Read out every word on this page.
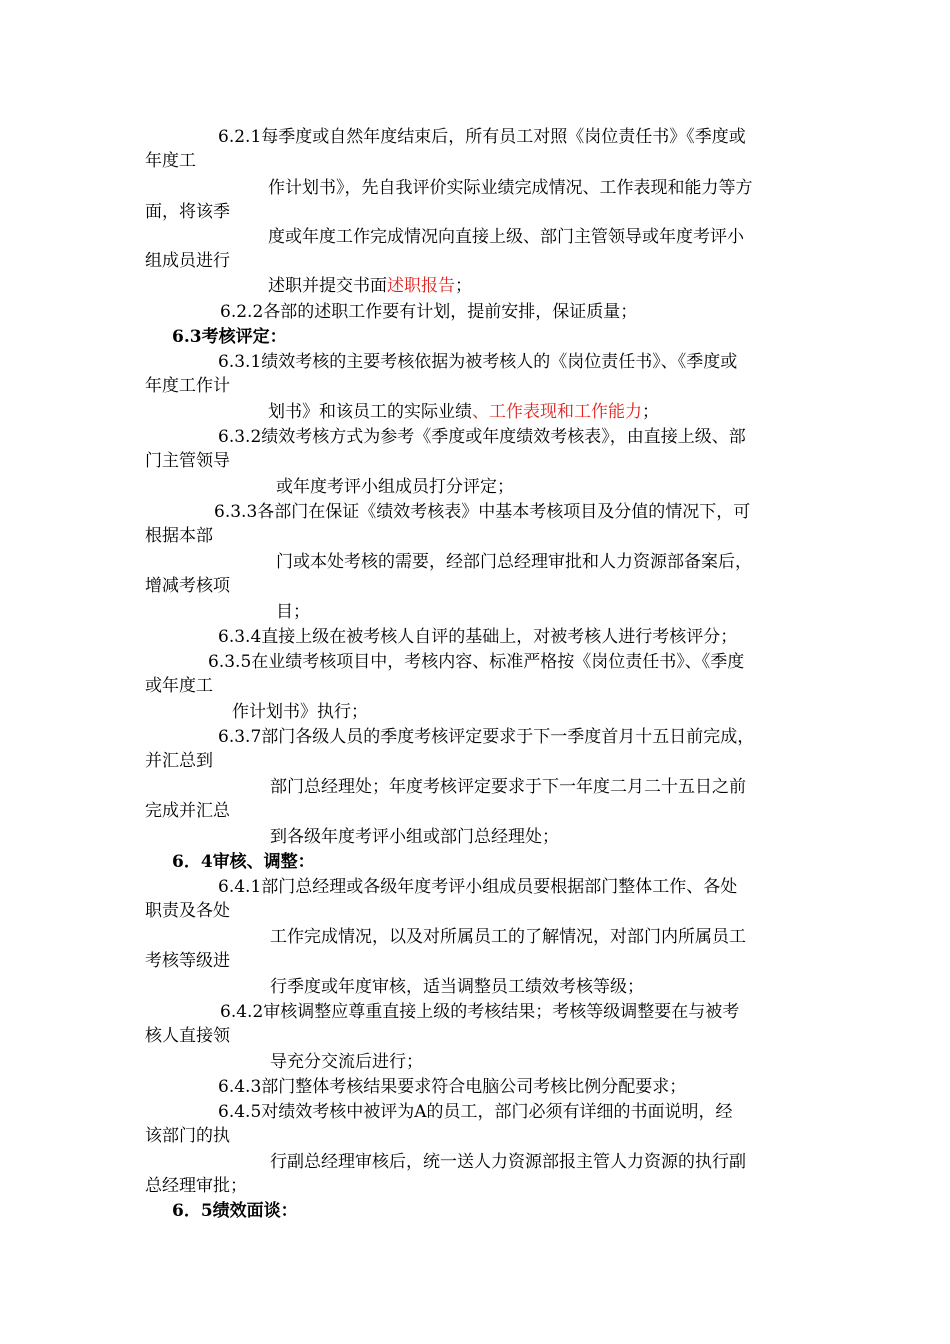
6.2.1每季度或自然年度结束后，所有员工对照《岗位责任书》《季度或
年度工
作计划书》，先自我评价实际业绩完成情况、工作表现和能力等方
面，将该季
度或年度工作完成情况向直接上级、部门主管领导或年度考评小
组成员进行
述职并提交书面述职报告；
6.2.2各部的述职工作要有计划，提前安排，保证质量；
6.3考核评定：
6.3.1绩效考核的主要考核依据为被考核人的《岗位责任书》、《季度或
年度工作计
划书》和该员工的实际业绩、工作表现和工作能力；
6.3.2绩效考核方式为参考《季度或年度绩效考核表》，由直接上级、部
门主管领导
或年度考评小组成员打分评定；
6.3.3各部门在保证《绩效考核表》中基本考核项目及分值的情况下，可
根据本部
门或本处考核的需要，经部门总经理审批和人力资源部备案后，
增减考核项
目；
6.3.4直接上级在被考核人自评的基础上，对被考核人进行考核评分；
6.3.5在业绩考核项目中，考核内容、标准严格按《岗位责任书》、《季度
或年度工
作计划书》执行；
6.3.7部门各级人员的季度考核评定要求于下一季度首月十五日前完成，
并汇总到
部门总经理处；年度考核评定要求于下一年度二月二十五日之前
完成并汇总
到各级年度考评小组或部门总经理处；
6．4审核、调整：
6.4.1部门总经理或各级年度考评小组成员要根据部门整体工作、各处
职责及各处
工作完成情况，以及对所属员工的了解情况，对部门内所属员工
考核等级进
行季度或年度审核，适当调整员工绩效考核等级；
6.4.2审核调整应尊重直接上级的考核结果；考核等级调整要在与被考
核人直接领
导充分交流后进行；
6.4.3部门整体考核结果要求符合电脑公司考核比例分配要求；
6.4.5对绩效考核中被评为A的员工，部门必须有详细的书面说明，经
该部门的执
行副总经理审核后，统一送人力资源部报主管人力资源的执行副
总经理审批；
6．5绩效面谈：
